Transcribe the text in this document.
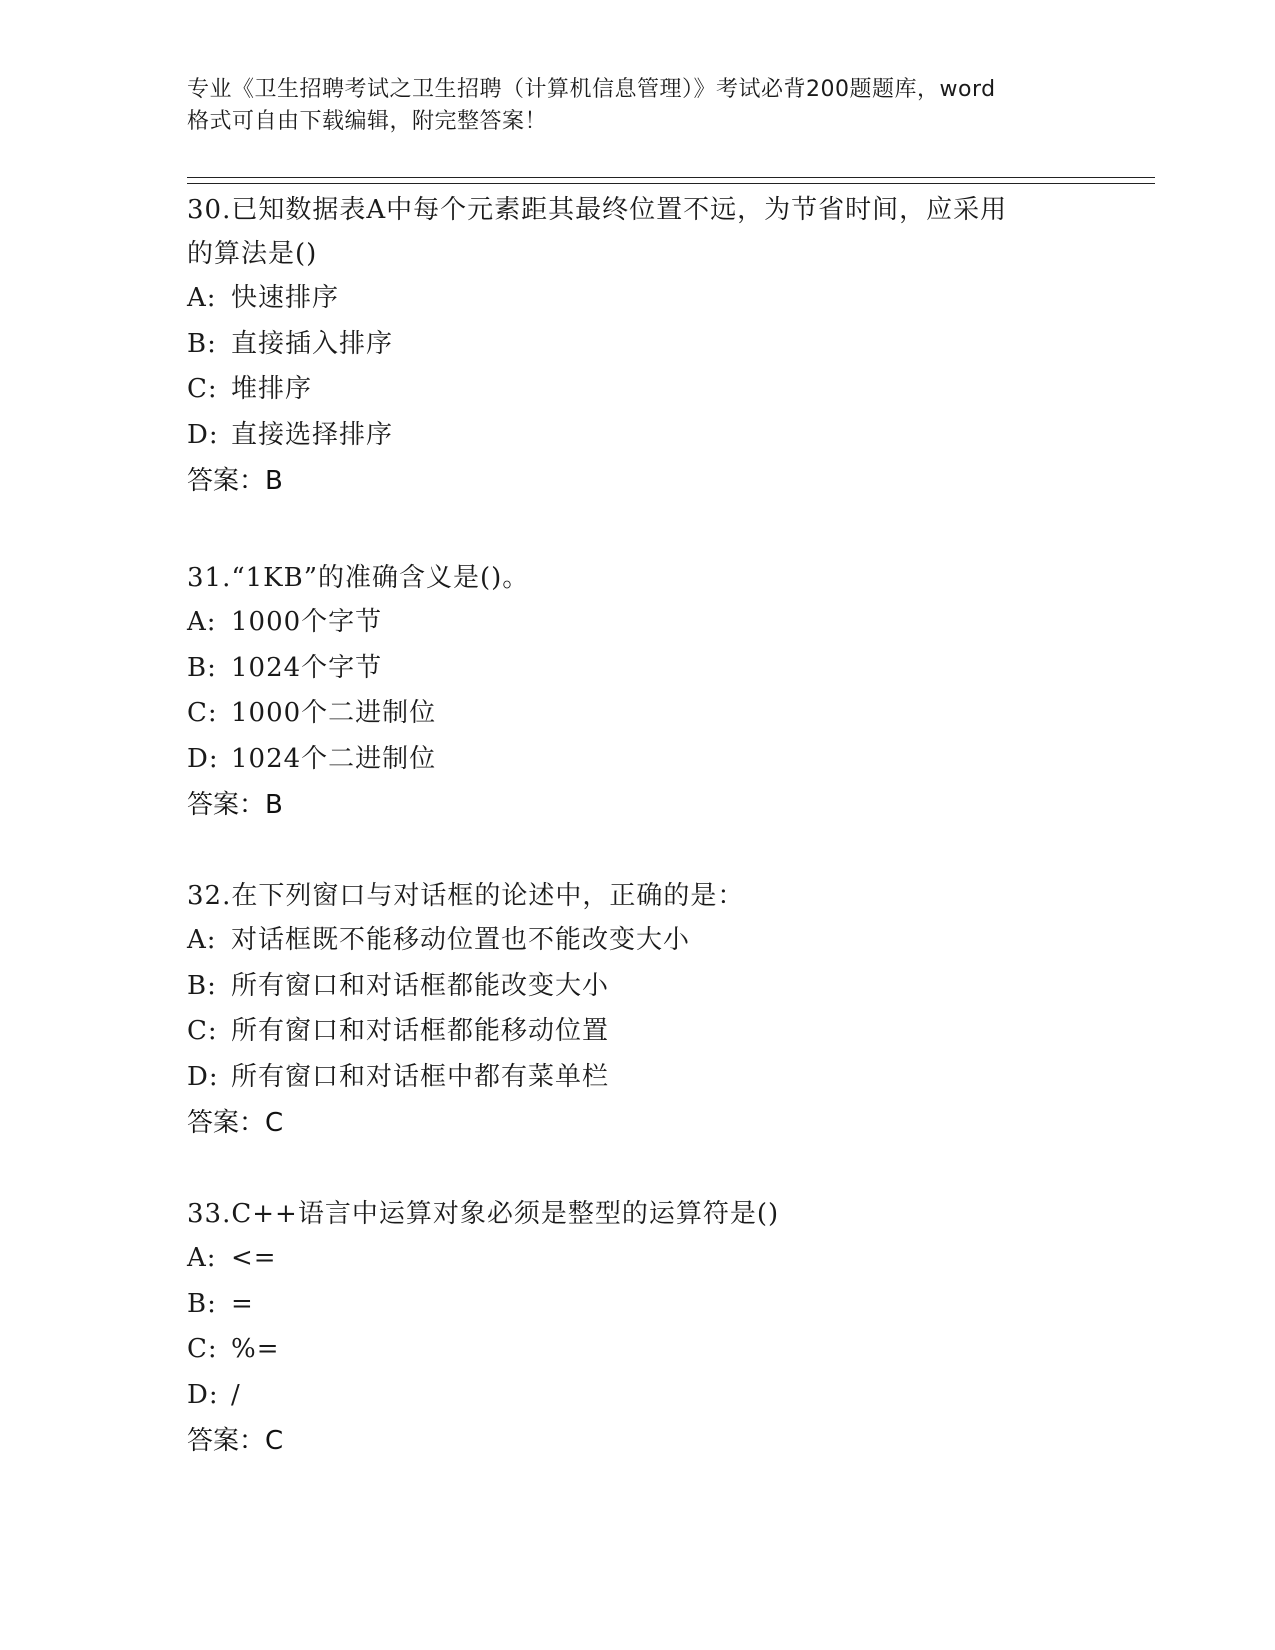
专业《卫生招聘考试之卫生招聘（计算机信息管理）》考试必背200题题库，word
格式可自由下载编辑，附完整答案！
30.已知数据表A中每个元素距其最终位置不远，为节省时间，应采用
的算法是()
A: 快速排序
B: 直接插入排序
C: 堆排序
D: 直接选择排序
答案：B
31.“1KB”的准确含义是()。
A: 1000个字节
B: 1024个字节
C: 1000个二进制位
D: 1024个二进制位
答案：B
32.在下列窗口与对话框的论述中，正确的是：
A: 对话框既不能移动位置也不能改变大小
B: 所有窗口和对话框都能改变大小
C: 所有窗口和对话框都能移动位置
D: 所有窗口和对话框中都有菜单栏
答案：C
33.C++语言中运算对象必须是整型的运算符是()
A: <=
B: =
C: %=
D: /
答案：C
